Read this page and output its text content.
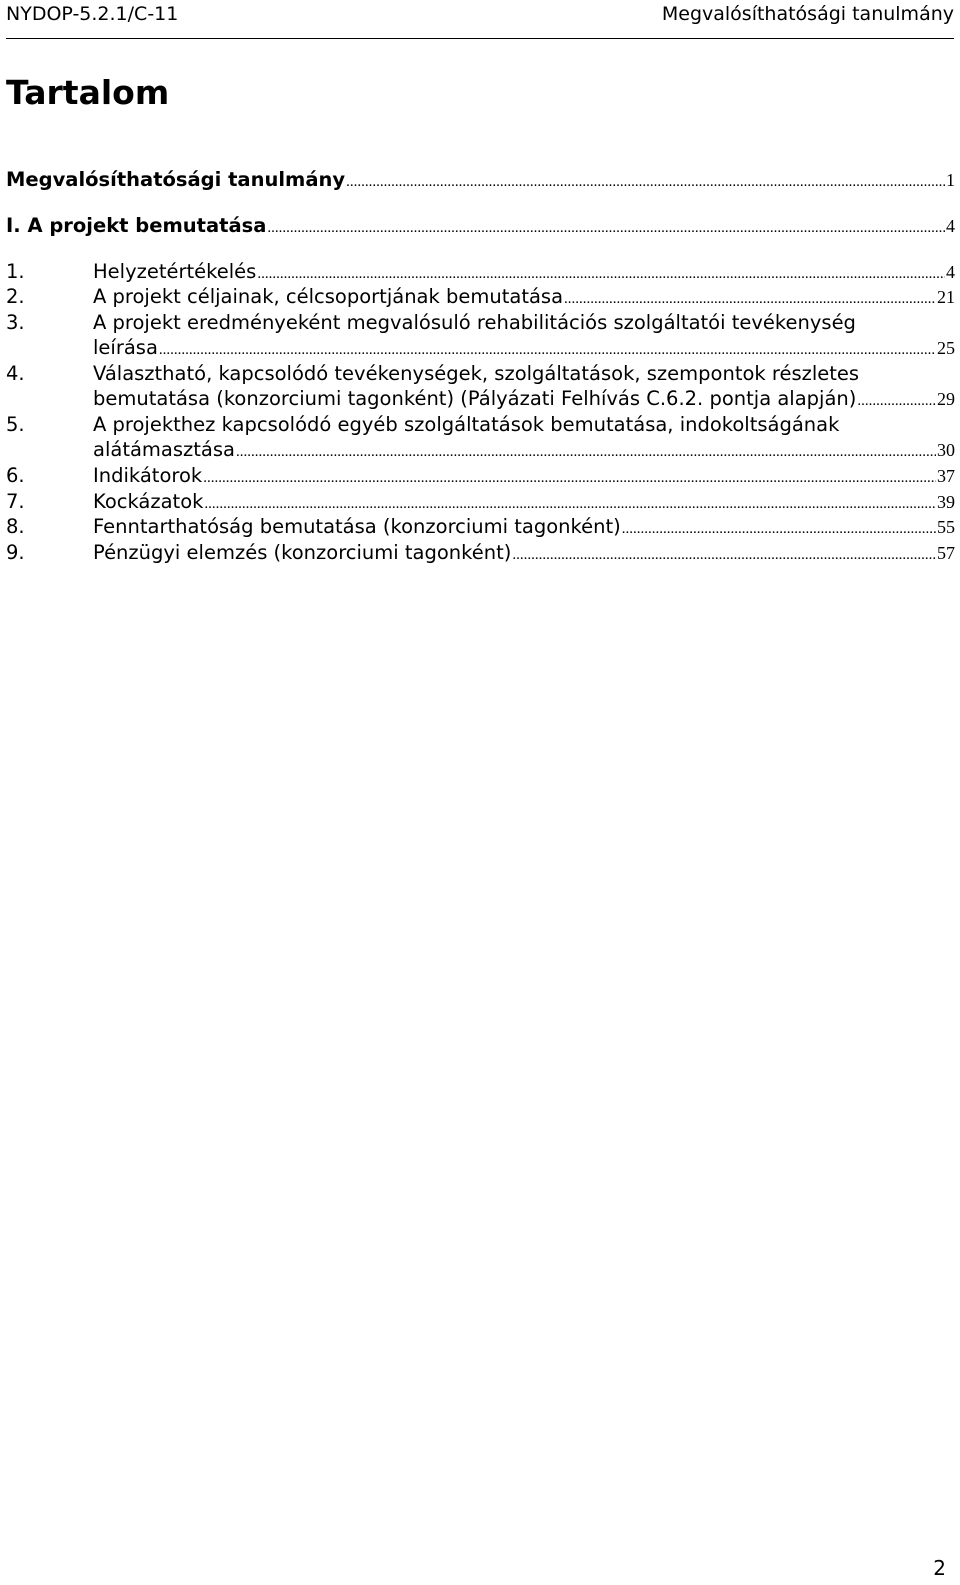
NYDOP-5.2.1/C-11	Megvalósíthatósági tanulmány
Tartalom
Megvalósíthatósági tanulmány .....	1
I. A projekt bemutatása .....	4
1.	Helyzetértékelés .....	4
2.	A projekt céljainak, célcsoportjának bemutatása .....	21
3.	A projekt eredményeként megvalósuló rehabilitációs szolgáltatói tevékenység
leírása .....	25
4.	Választható, kapcsolódó tevékenységek, szolgáltatások, szempontok részletes
bemutatása (konzorciumi tagonként) (Pályázati Felhívás C.6.2. pontja alapján) .....	29
5.	A projekthez kapcsolódó egyéb szolgáltatások bemutatása, indokoltságának
alátámasztása .....	30
6.	Indikátorok .....	37
7.	Kockázatok .....	39
8.	Fenntarthatóság bemutatása (konzorciumi tagonként) .....	55
9.	Pénzügyi elemzés (konzorciumi tagonként) .....	57
2
